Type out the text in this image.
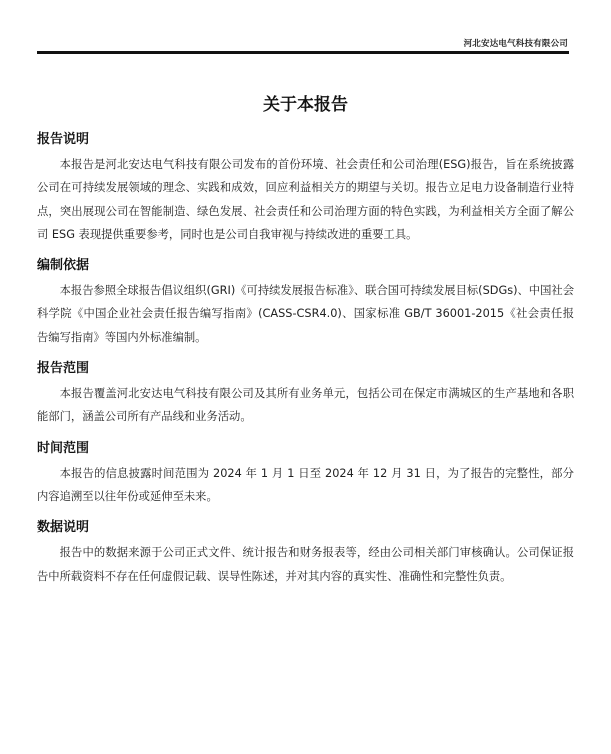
河北安达电气科技有限公司
关于本报告
报告说明

本报告是河北安达电气科技有限公司发布的首份环境、社会责任和公司治理(ESG)报告，旨在系统披露公司在可持续发展领域的理念、实践和成效，回应利益相关方的期望与关切。报告立足电力设备制造行业特点，突出展现公司在智能制造、绿色发展、社会责任和公司治理方面的特色实践，为利益相关方全面了解公司 ESG 表现提供重要参考，同时也是公司自我审视与持续改进的重要工具。

编制依据

本报告参照全球报告倡议组织(GRI)《可持续发展报告标准》、联合国可持续发展目标(SDGs)、中国社会科学院《中国企业社会责任报告编写指南》(CASS-CSR4.0)、国家标准 GB/T 36001-2015《社会责任报告编写指南》等国内外标准编制。

报告范围

本报告覆盖河北安达电气科技有限公司及其所有业务单元，包括公司在保定市满城区的生产基地和各职能部门，涵盖公司所有产品线和业务活动。

时间范围

本报告的信息披露时间范围为 2024 年 1 月 1 日至 2024 年 12 月 31 日，为了报告的完整性，部分内容追溯至以往年份或延伸至未来。

数据说明

报告中的数据来源于公司正式文件、统计报告和财务报表等，经由公司相关部门审核确认。公司保证报告中所载资料不存在任何虚假记载、误导性陈述，并对其内容的真实性、准确性和完整性负责。
